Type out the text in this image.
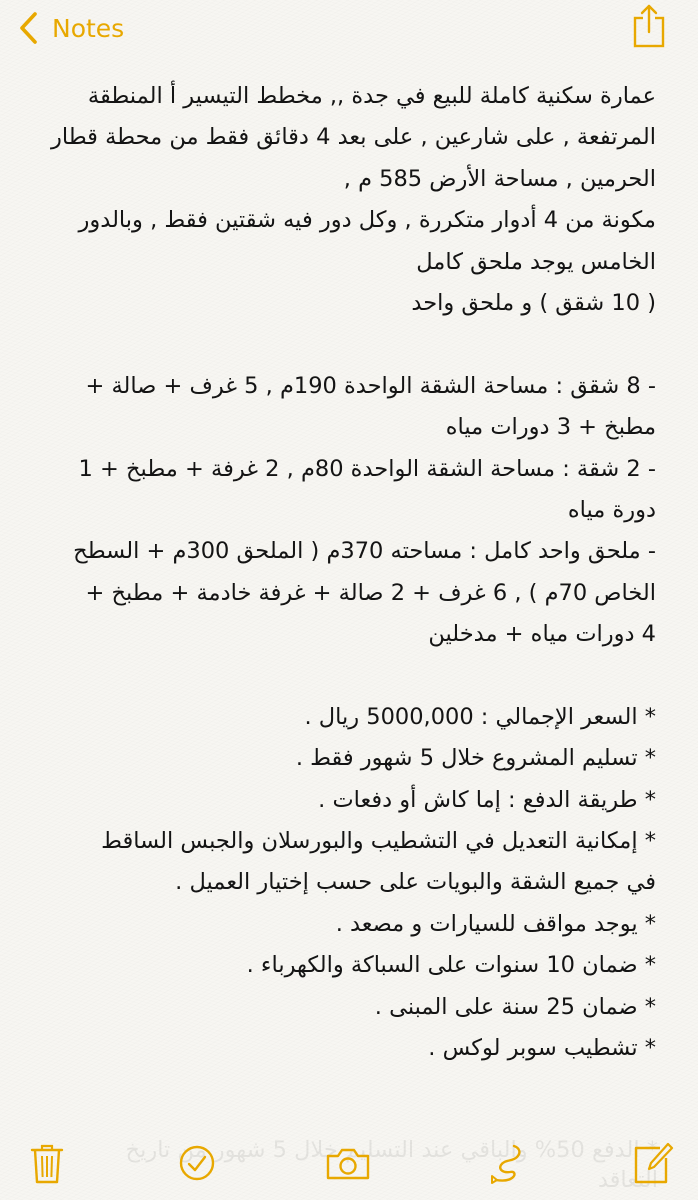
Notes
عمارة سكنية كاملة للبيع في جدة ,, مخطط التيسير أ المنطقة
المرتفعة , على شارعين , على بعد 4 دقائق فقط من محطة قطار
الحرمين , مساحة الأرض 585 م ,
مكونة من 4 أدوار متكررة , وكل دور فيه شقتين فقط , وبالدور
الخامس يوجد ملحق كامل
( 10 شقق ) و ملحق واحد

- 8 شقق : مساحة الشقة الواحدة 190م , 5 غرف + صالة +
مطبخ + 3 دورات مياه
- 2 شقة : مساحة الشقة الواحدة 80م , 2 غرفة + مطبخ + 1
دورة مياه
- ملحق واحد كامل : مساحته 370م ( الملحق 300م + السطح
الخاص 70م ) , 6 غرف + 2 صالة + غرفة خادمة + مطبخ +
4 دورات مياه + مدخلين

* السعر الإجمالي : 5000,000 ريال .
* تسليم المشروع خلال 5 شهور فقط .
* طريقة الدفع : إما كاش أو دفعات .
* إمكانية التعديل في التشطيب والبورسلان والجبس الساقط
في جميع الشقة والبويات على حسب إختيار العميل .
* يوجد مواقف للسيارات و مصعد .
* ضمان 10 سنوات على السباكة والكهرباء .
* ضمان 25 سنة على المبنى .
* تشطيب سوبر لوكس .
* الدفع 50% والباقي عند التسليم خلال 5 شهور من تاريخ
التعاقد
